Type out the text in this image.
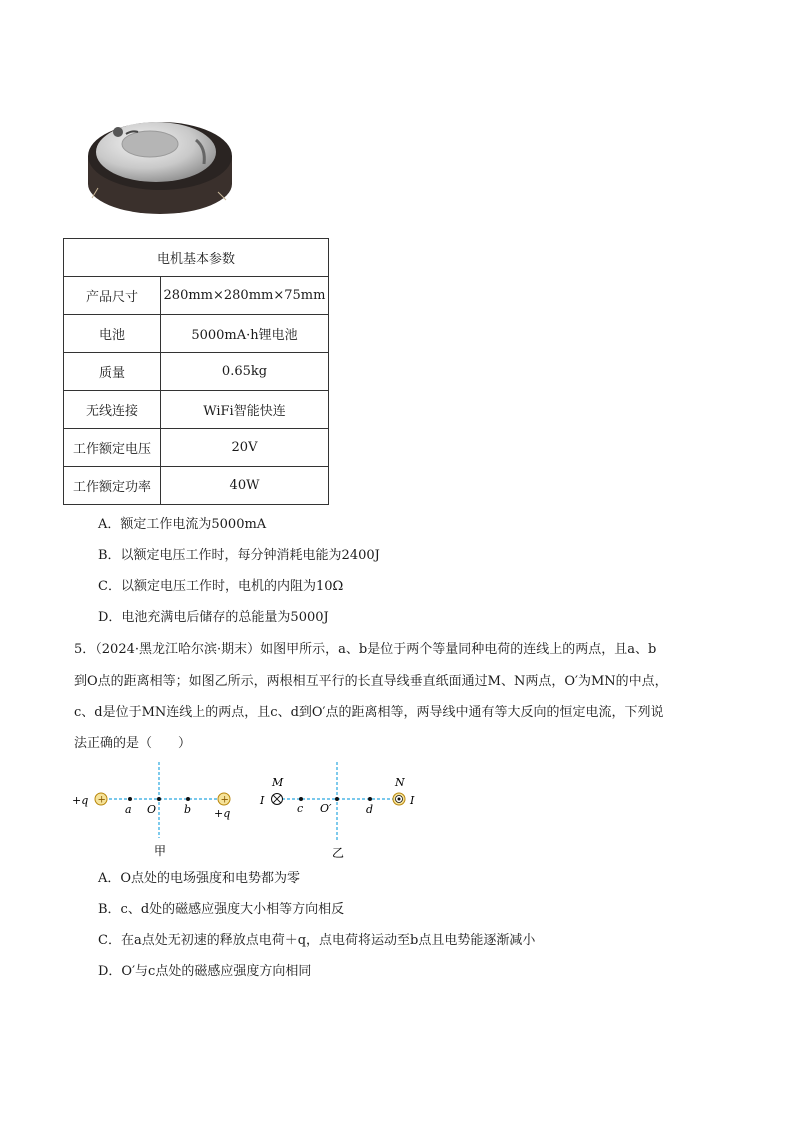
电机基本参数	
产品尺寸	280mm×280mm×75mm
电池	5000mA·h锂电池
质量	0.65kg
无线连接	WiFi智能快连
工作额定电压	20V
工作额定功率	40W
A．额定工作电流为5000mA
B．以额定电压工作时，每分钟消耗电能为2400J
C．以额定电压工作时，电机的内阻为10Ω
D．电池充满电后储存的总能量为5000J
5．（2024·黑龙江哈尔滨·期末）如图甲所示，a、b是位于两个等量同种电荷的连线上的两点，且a、b
到O点的距离相等；如图乙所示，两根相互平行的长直导线垂直纸面通过M、N两点，O′为MN的中点，
c、d是位于MN连线上的两点，且c、d到O′点的距离相等，两导线中通有等大反向的恒定电流，下列说
法正确的是（　　）
+	+
+q
+q
a O	b
甲
M	N
I	I
c O′	d
乙
A．O点处的电场强度和电势都为零
B．c、d处的磁感应强度大小相等方向相反
C．在a点处无初速的释放点电荷＋q，点电荷将运动至b点且电势能逐渐减小
D．O′与c点处的磁感应强度方向相同
